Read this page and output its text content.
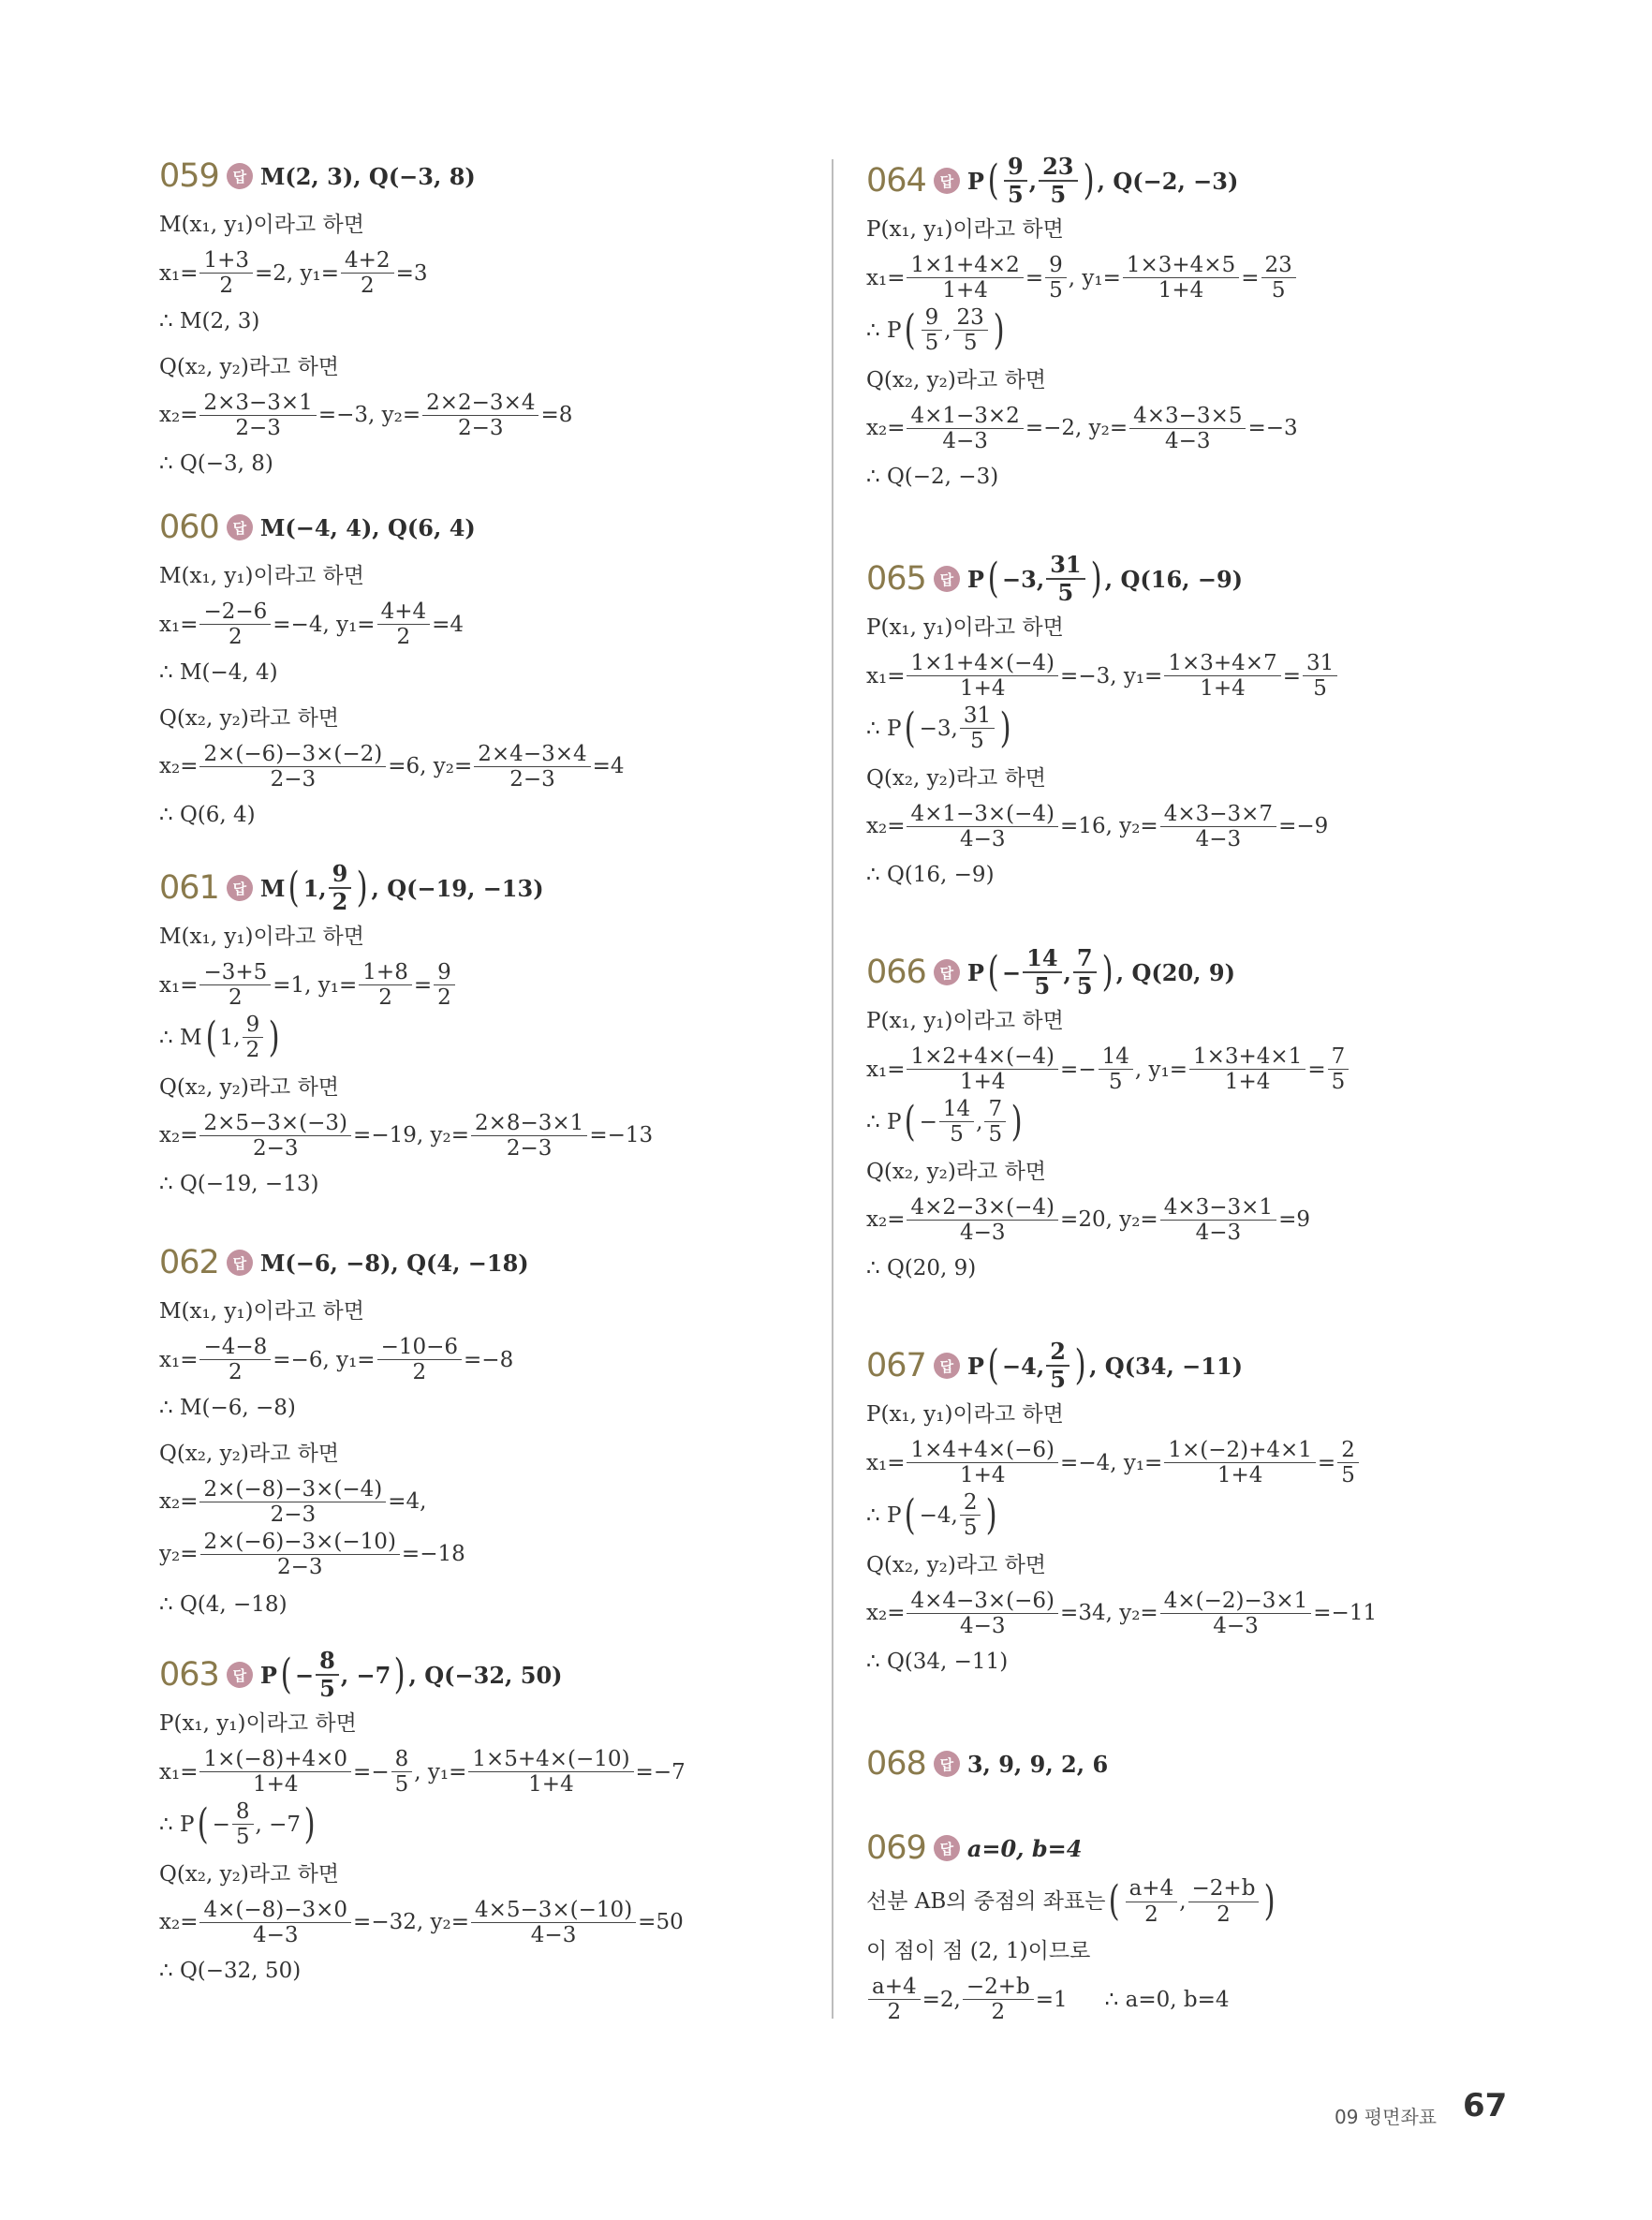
059 답 M(2, 3), Q(−3, 8)
M(x₁, y₁)이라고 하면
$x_1= \frac{1+3}{2} =2$, $y_1= \frac{4+2}{2} =3$
∴ M(2, 3)
Q(x₂, y₂)라고 하면
$x_2= \frac{2\times 3-3\times 1}{2-3} =-3$, $y_2= \frac{2\times 2-3\times 4}{2-3} =8$
∴ Q(−3, 8)
060 답 M(−4, 4), Q(6, 4)
M(x₁, y₁)이라고 하면
$x_1= \frac{-2-6}{2} =-4$, $y_1= \frac{4+4}{2} =4$
∴ M(−4, 4)
Q(x₂, y₂)라고 하면
$x_2= \frac{2\times(-6)-3\times(-2)}{2-3} =6$, $y_2= \frac{2\times 4-3\times 4}{2-3} =4$
∴ Q(6, 4)
061 답 M ( 1, $\frac{9}{2}$ ) , Q(−19, −13)
M(x₁, y₁)이라고 하면
$x_1= \frac{-3+5}{2} =1$, $y_1= \frac{1+8}{2} = \frac{9}{2}$
∴ M ( 1, $\frac{9}{2}$ )
Q(x₂, y₂)라고 하면
$x_2= \frac{2\times 5-3\times(-3)}{2-3} =-19$, $y_2= \frac{2\times 8-3\times 1}{2-3} =-13$
∴ Q(−19, −13)
062 답 M(−6, −8), Q(4, −18)
M(x₁, y₁)이라고 하면
$x_1= \frac{-4-8}{2} =-6$, $y_1= \frac{-10-6}{2} =-8$
∴ M(−6, −8)
Q(x₂, y₂)라고 하면
$x_2= \frac{2\times(-8)-3\times(-4)}{2-3} =4$,
$y_2= \frac{2\times(-6)-3\times(-10)}{2-3} =-18$
∴ Q(4, −18)
063 답 P ( − $\frac{8}{5}$ , −7 ) , Q(−32, 50)
P(x₁, y₁)이라고 하면
$x_1= \frac{1\times(-8)+4\times 0}{1+4} =- \frac{8}{5}$ , $y_1= \frac{1\times 5+4\times(-10)}{1+4} =-7$
∴ P ( − $\frac{8}{5}$ , −7 )
Q(x₂, y₂)라고 하면
$x_2= \frac{4\times(-8)-3\times 0}{4-3} =-32$, $y_2= \frac{4\times 5-3\times(-10)}{4-3} =50$
∴ Q(−32, 50)
064 답 P ( $\frac{9}{5}$ , $\frac{23}{5}$ ) , Q(−2, −3)
P(x₁, y₁)이라고 하면
$x_1= \frac{1\times 1+4\times 2}{1+4} = \frac{9}{5}$ , $y_1= \frac{1\times 3+4\times 5}{1+4} = \frac{23}{5}$
∴ P ( $\frac{9}{5}$ , $\frac{23}{5}$ )
Q(x₂, y₂)라고 하면
$x_2= \frac{4\times 1-3\times 2}{4-3} =-2$, $y_2= \frac{4\times 3-3\times 5}{4-3} =-3$
∴ Q(−2, −3)
065 답 P ( −3, $\frac{31}{5}$ ) , Q(16, −9)
P(x₁, y₁)이라고 하면
$x_1= \frac{1\times 1+4\times(-4)}{1+4} =-3$, $y_1= \frac{1\times 3+4\times 7}{1+4} = \frac{31}{5}$
∴ P ( −3, $\frac{31}{5}$ )
Q(x₂, y₂)라고 하면
$x_2= \frac{4\times 1-3\times(-4)}{4-3} =16$, $y_2= \frac{4\times 3-3\times 7}{4-3} =-9$
∴ Q(16, −9)
066 답 P ( − $\frac{14}{5}$ , $\frac{7}{5}$ ) , Q(20, 9)
P(x₁, y₁)이라고 하면
$x_1= \frac{1\times 2+4\times(-4)}{1+4} =- \frac{14}{5}$ , $y_1= \frac{1\times 3+4\times 1}{1+4} = \frac{7}{5}$
∴ P ( − $\frac{14}{5}$ , $\frac{7}{5}$ )
Q(x₂, y₂)라고 하면
$x_2= \frac{4\times 2-3\times(-4)}{4-3} =20$, $y_2= \frac{4\times 3-3\times 1}{4-3} =9$
∴ Q(20, 9)
067 답 P ( −4, $\frac{2}{5}$ ) , Q(34, −11)
P(x₁, y₁)이라고 하면
$x_1= \frac{1\times 4+4\times(-6)}{1+4} =-4$, $y_1= \frac{1\times(-2)+4\times 1}{1+4} = \frac{2}{5}$
∴ P ( −4, $\frac{2}{5}$ )
Q(x₂, y₂)라고 하면
$x_2= \frac{4\times 4-3\times(-6)}{4-3} =34$, $y_2= \frac{4\times(-2)-3\times 1}{4-3} =-11$
∴ Q(34, −11)
068 답 3, 9, 9, 2, 6
069 답 a=0, b=4
선분 AB의 중점의 좌표는 ( $\frac{a+4}{2}$ , $\frac{-2+b}{2}$ )
이 점이 점 (2, 1)이므로
$\frac{a+4}{2} =2$, $\frac{-2+b}{2} =1$ ∴ a=0, b=4
09 평면좌표 67
